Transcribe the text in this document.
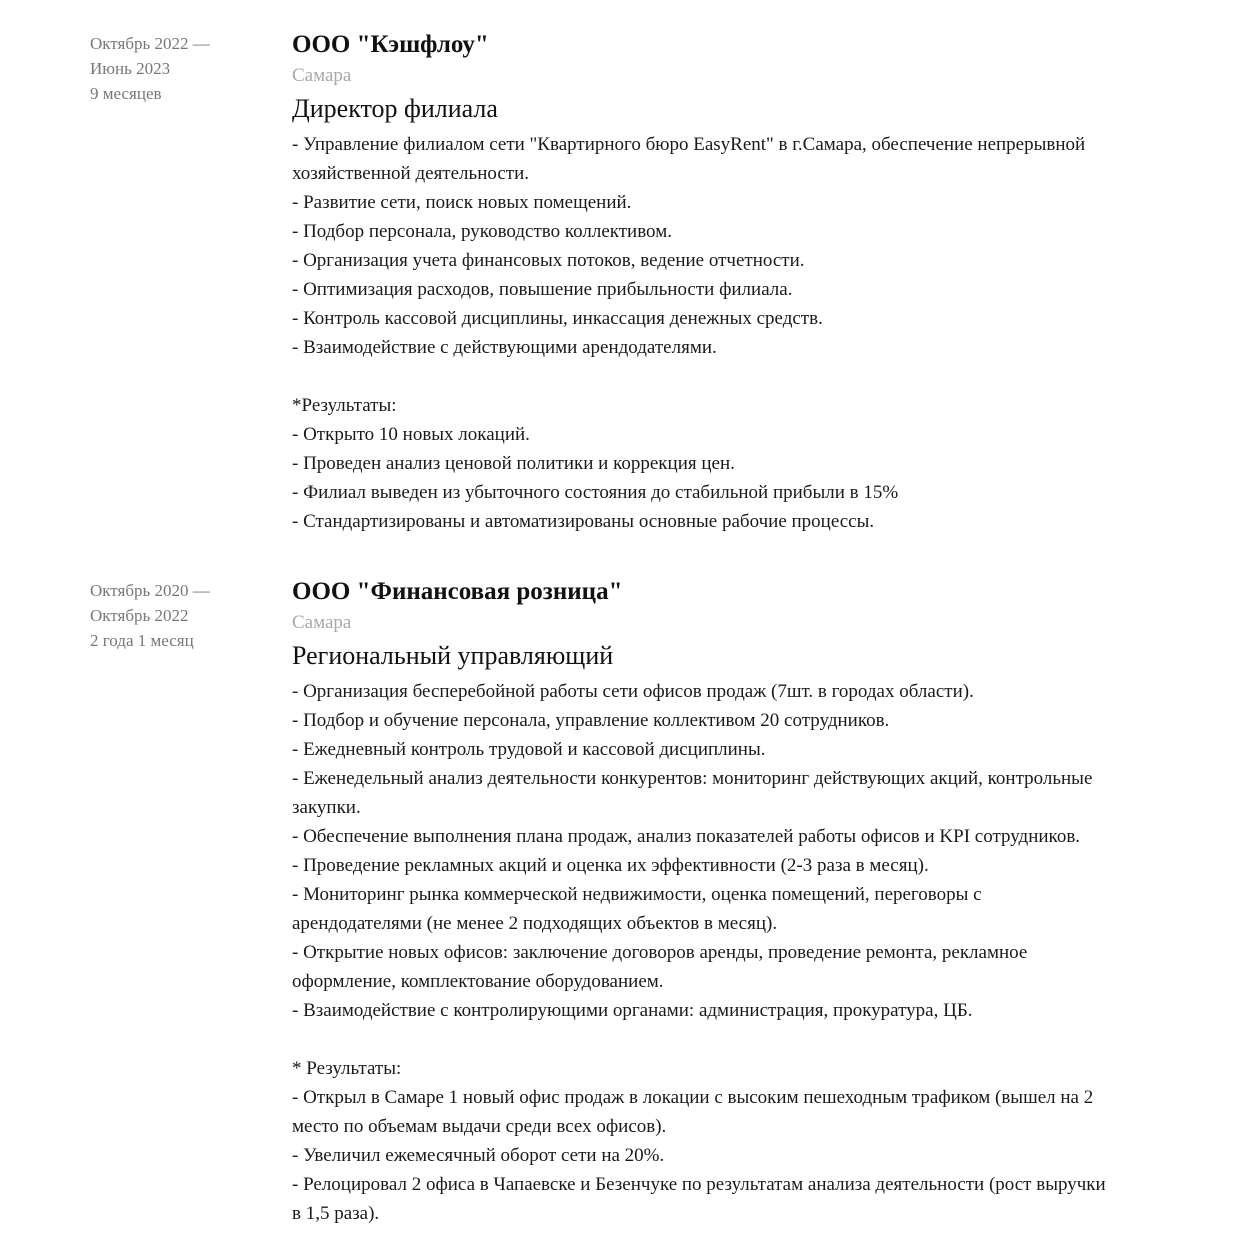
Октябрь 2022 —
Июнь 2023
9 месяцев
ООО "Кэшфлоу"
Самара
Директор филиала
- Управление филиалом сети "Квартирного бюро EasyRent" в г.Самара, обеспечение непрерывной
хозяйственной деятельности.
- Развитие сети, поиск новых помещений.
- Подбор персонала, руководство коллективом.
- Организация учета финансовых потоков, ведение отчетности.
- Оптимизация расходов, повышение прибыльности филиала.
- Контроль кассовой дисциплины, инкассация денежных средств.
- Взаимодействие с действующими арендодателями.
*Результаты:
- Открыто 10 новых локаций.
- Проведен анализ ценовой политики и коррекция цен.
- Филиал выведен из убыточного состояния до стабильной прибыли в 15%
- Стандартизированы и автоматизированы основные рабочие процессы.
Октябрь 2020 —
Октябрь 2022
2 года 1 месяц
ООО "Финансовая розница"
Самара
Региональный управляющий
- Организация бесперебойной работы сети офисов продаж (7шт. в городах области).
- Подбор и обучение персонала, управление коллективом 20 сотрудников.
- Ежедневный контроль трудовой и кассовой дисциплины.
- Еженедельный анализ деятельности конкурентов: мониторинг действующих акций, контрольные
закупки.
- Обеспечение выполнения плана продаж, анализ показателей работы офисов и KPI сотрудников.
- Проведение рекламных акций и оценка их эффективности (2-3 раза в месяц).
- Мониторинг рынка коммерческой недвижимости, оценка помещений, переговоры с
арендодателями (не менее 2 подходящих объектов в месяц).
- Открытие новых офисов: заключение договоров аренды, проведение ремонта, рекламное
оформление, комплектование оборудованием.
- Взаимодействие с контролирующими органами: администрация, прокуратура, ЦБ.
* Результаты:
- Открыл в Самаре 1 новый офис продаж в локации с высоким пешеходным трафиком (вышел на 2
место по объемам выдачи среди всех офисов).
- Увеличил ежемесячный оборот сети на 20%.
- Релоцировал 2 офиса в Чапаевске и Безенчуке по результатам анализа деятельности (рост выручки
в 1,5 раза).
